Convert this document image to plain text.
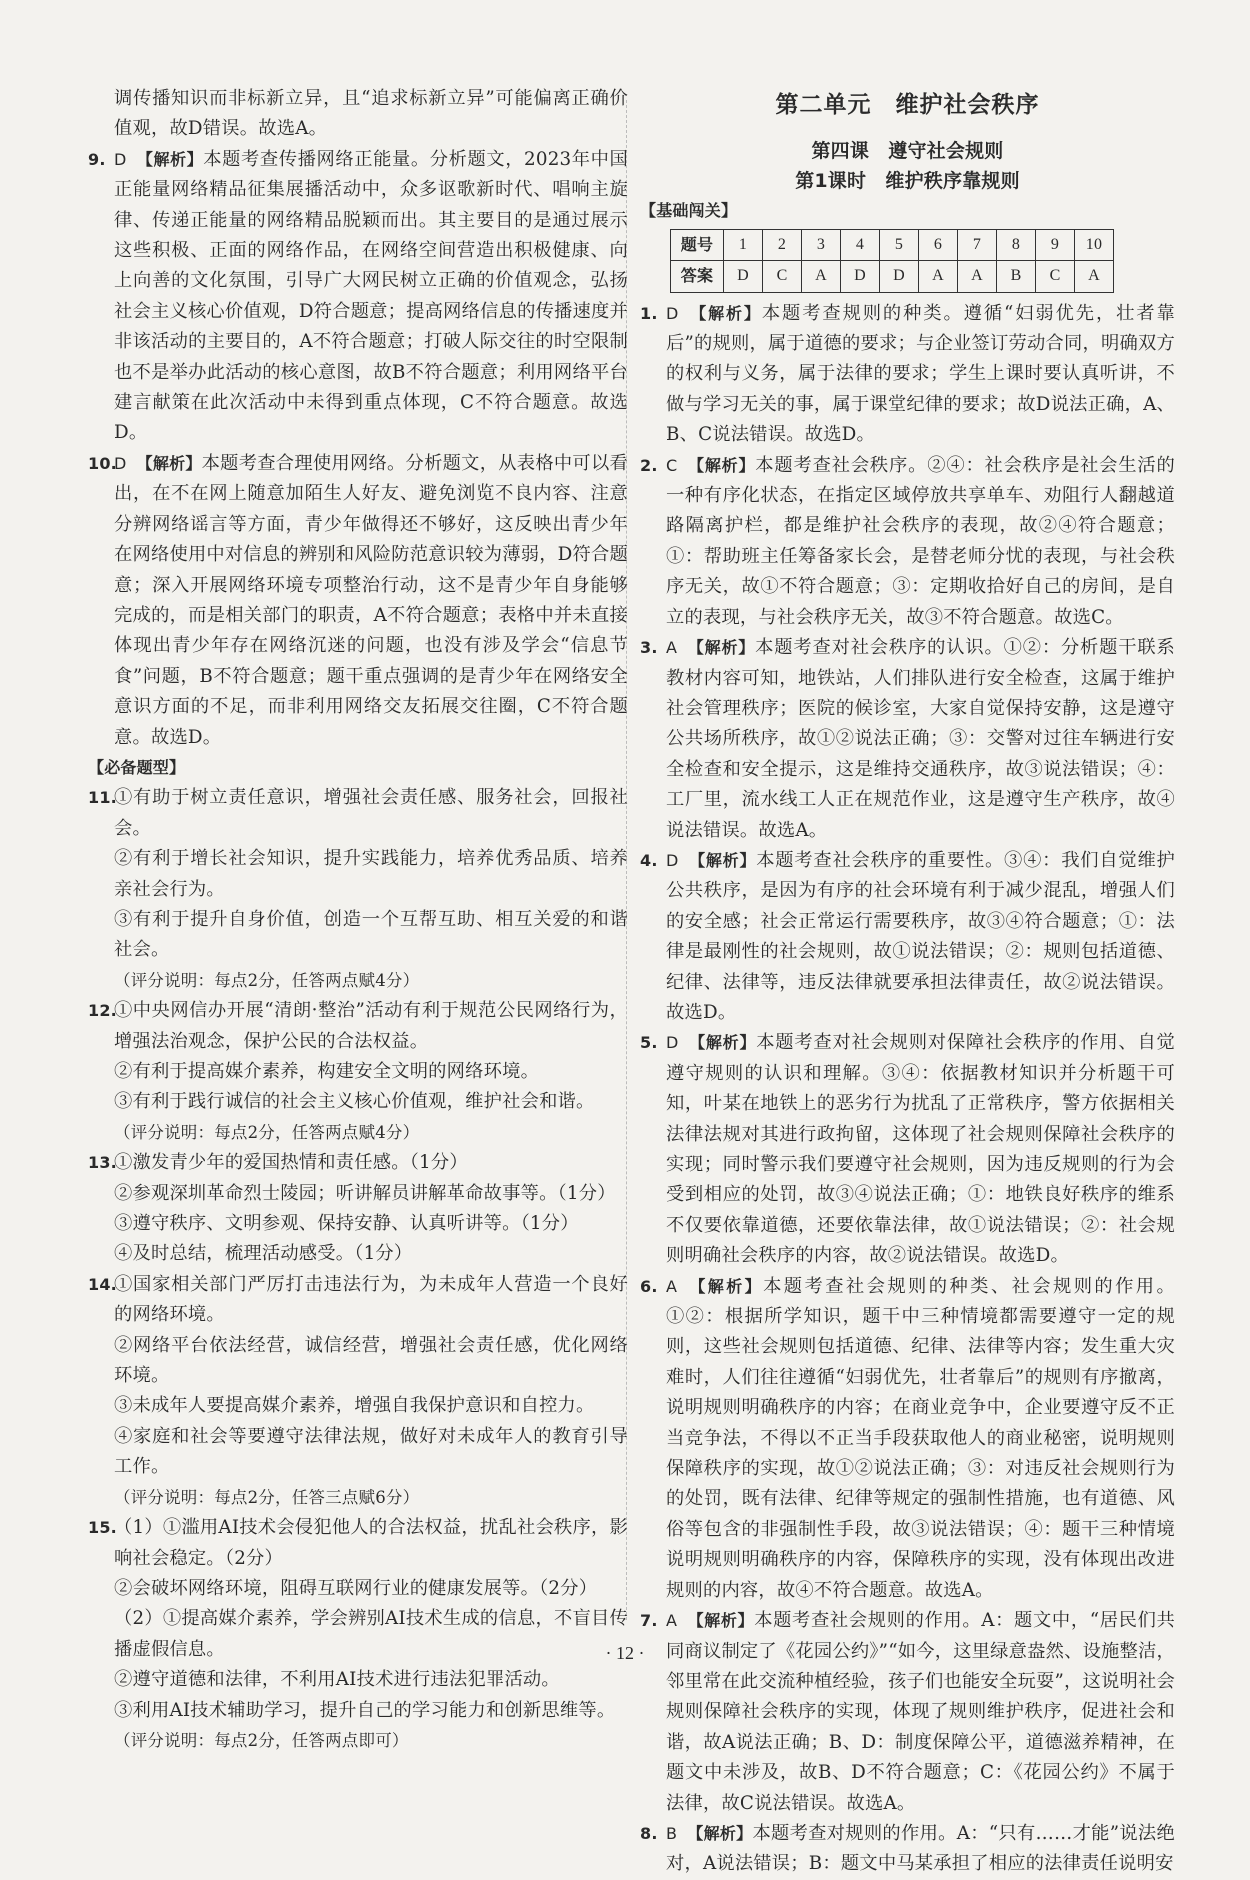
调传播知识而非标新立异，且“追求标新立异”可能偏离正确价值观，故D错误。故选A。

9. D 【解析】本题考查传播网络正能量。分析题文，2023年中国正能量网络精品征集展播活动中，众多讴歌新时代、唱响主旋律、传递正能量的网络精品脱颖而出。其主要目的是通过展示这些积极、正面的网络作品，在网络空间营造出积极健康、向上向善的文化氛围，引导广大网民树立正确的价值观念，弘扬社会主义核心价值观，D符合题意；提高网络信息的传播速度并非该活动的主要目的，A不符合题意；打破人际交往的时空限制也不是举办此活动的核心意图，故B不符合题意；利用网络平台建言献策在此次活动中未得到重点体现，C不符合题意。故选D。

10.
D 【解析】本题考查合理使用网络。分析题文，从表格中可以看出，在不在网上随意加陌生人好友、避免浏览不良内容、注意分辨网络谣言等方面，青少年做得还不够好，这反映出青少年在网络使用中对信息的辨别和风险防范意识较为薄弱，D符合题意；深入开展网络环境专项整治行动，这不是青少年自身能够完成的，而是相关部门的职责，A不符合题意；表格中并未直接体现出青少年存在网络沉迷的问题，也没有涉及学会“信息节食”问题，B不符合题意；题干重点强调的是青少年在网络安全意识方面的不足，而非利用网络交友拓展交往圈，C不符合题意。故选D。

【必备题型】

11.
①有助于树立责任意识，增强社会责任感、服务社会，回报社会。

②有利于增长社会知识，提升实践能力，培养优秀品质、培养亲社会行为。

③有利于提升自身价值，创造一个互帮互助、相互关爱的和谐社会。

（评分说明：每点2分，任答两点赋4分）

12.
①中央网信办开展“清朗·整治”活动有利于规范公民网络行为，增强法治观念，保护公民的合法权益。

②有利于提高媒介素养，构建安全文明的网络环境。

③有利于践行诚信的社会主义核心价值观，维护社会和谐。

（评分说明：每点2分，任答两点赋4分）

13.
①激发青少年的爱国热情和责任感。（1分）

②参观深圳革命烈士陵园；听讲解员讲解革命故事等。（1分）

③遵守秩序、文明参观、保持安静、认真听讲等。（1分）

④及时总结，梳理活动感受。（1分）

14.
①国家相关部门严厉打击违法行为，为未成年人营造一个良好的网络环境。

②网络平台依法经营，诚信经营，增强社会责任感，优化网络环境。

③未成年人要提高媒介素养，增强自我保护意识和自控力。

④家庭和社会等要遵守法律法规，做好对未成年人的教育引导工作。

（评分说明：每点2分，任答三点赋6分）

15.
（1）①滥用AI技术会侵犯他人的合法权益，扰乱社会秩序，影响社会稳定。（2分）

②会破坏网络环境，阻碍互联网行业的健康发展等。（2分）

（2）①提高媒介素养，学会辨别AI技术生成的信息，不盲目传播虚假信息。

②遵守道德和法律，不利用AI技术进行违法犯罪活动。

③利用AI技术辅助学习，提升自己的学习能力和创新思维等。

（评分说明：每点2分，任答两点即可）

第二单元　维护社会秩序

第四课　遵守社会规则

第1课时　维护秩序靠规则

【基础闯关】

题号	1	2	3	4	5	6	7	8	9	10
答案	D	C	A	D	D	A	A	B	C	A

1. D 【解析】本题考查规则的种类。遵循“妇弱优先，壮者靠后”的规则，属于道德的要求；与企业签订劳动合同，明确双方的权利与义务，属于法律的要求；学生上课时要认真听讲，不做与学习无关的事，属于课堂纪律的要求；故D说法正确，A、B、C说法错误。故选D。

2. C 【解析】本题考查社会秩序。②④：社会秩序是社会生活的一种有序化状态，在指定区域停放共享单车、劝阻行人翻越道路隔离护栏，都是维护社会秩序的表现，故②④符合题意；①：帮助班主任筹备家长会，是替老师分忧的表现，与社会秩序无关，故①不符合题意；③：定期收拾好自己的房间，是自立的表现，与社会秩序无关，故③不符合题意。故选C。

3. A 【解析】本题考查对社会秩序的认识。①②：分析题干联系教材内容可知，地铁站，人们排队进行安全检查，这属于维护社会管理秩序；医院的候诊室，大家自觉保持安静，这是遵守公共场所秩序，故①②说法正确；③：交警对过往车辆进行安全检查和安全提示，这是维持交通秩序，故③说法错误；④：工厂里，流水线工人正在规范作业，这是遵守生产秩序，故④说法错误。故选A。

4. D 【解析】本题考查社会秩序的重要性。③④：我们自觉维护公共秩序，是因为有序的社会环境有利于减少混乱，增强人们的安全感；社会正常运行需要秩序，故③④符合题意；①：法律是最刚性的社会规则，故①说法错误；②：规则包括道德、纪律、法律等，违反法律就要承担法律责任，故②说法错误。故选D。

5. D 【解析】本题考查对社会规则对保障社会秩序的作用、自觉遵守规则的认识和理解。③④：依据教材知识并分析题干可知，叶某在地铁上的恶劣行为扰乱了正常秩序，警方依据相关法律法规对其进行政拘留，这体现了社会规则保障社会秩序的实现；同时警示我们要遵守社会规则，因为违反规则的行为会受到相应的处罚，故③④说法正确；①：地铁良好秩序的维系不仅要依靠道德，还要依靠法律，故①说法错误；②：社会规则明确社会秩序的内容，故②说法错误。故选D。

6. A 【解析】本题考查社会规则的种类、社会规则的作用。①②：根据所学知识，题干中三种情境都需要遵守一定的规则，这些社会规则包括道德、纪律、法律等内容；发生重大灾难时，人们往往遵循“妇弱优先，壮者靠后”的规则有序撤离，说明规则明确秩序的内容；在商业竞争中，企业要遵守反不正当竞争法，不得以不正当手段获取他人的商业秘密，说明规则保障秩序的实现，故①②说法正确；③：对违反社会规则行为的处罚，既有法律、纪律等规定的强制性措施，也有道德、风俗等包含的非强制性手段，故③说法错误；④：题干三种情境说明规则明确秩序的内容，保障秩序的实现，没有体现出改进规则的内容，故④不符合题意。故选A。

7. A 【解析】本题考查社会规则的作用。A：题文中，“居民们共同商议制定了《花园公约》”“如今，这里绿意盎然、设施整洁，邻里常在此交流种植经验，孩子们也能安全玩耍”，这说明社会规则保障社会秩序的实现，体现了规则维护秩序，促进社会和谐，故A说法正确；B、D：制度保障公平，道德滋养精神，在题文中未涉及，故B、D不符合题意；C：《花园公约》不属于法律，故C说法错误。故选A。

8. B 【解析】本题考查对规则的作用。A：“只有……才能”说法绝对，A说法错误；B：题文中马某承担了相应的法律责任说明安

· 12 ·
